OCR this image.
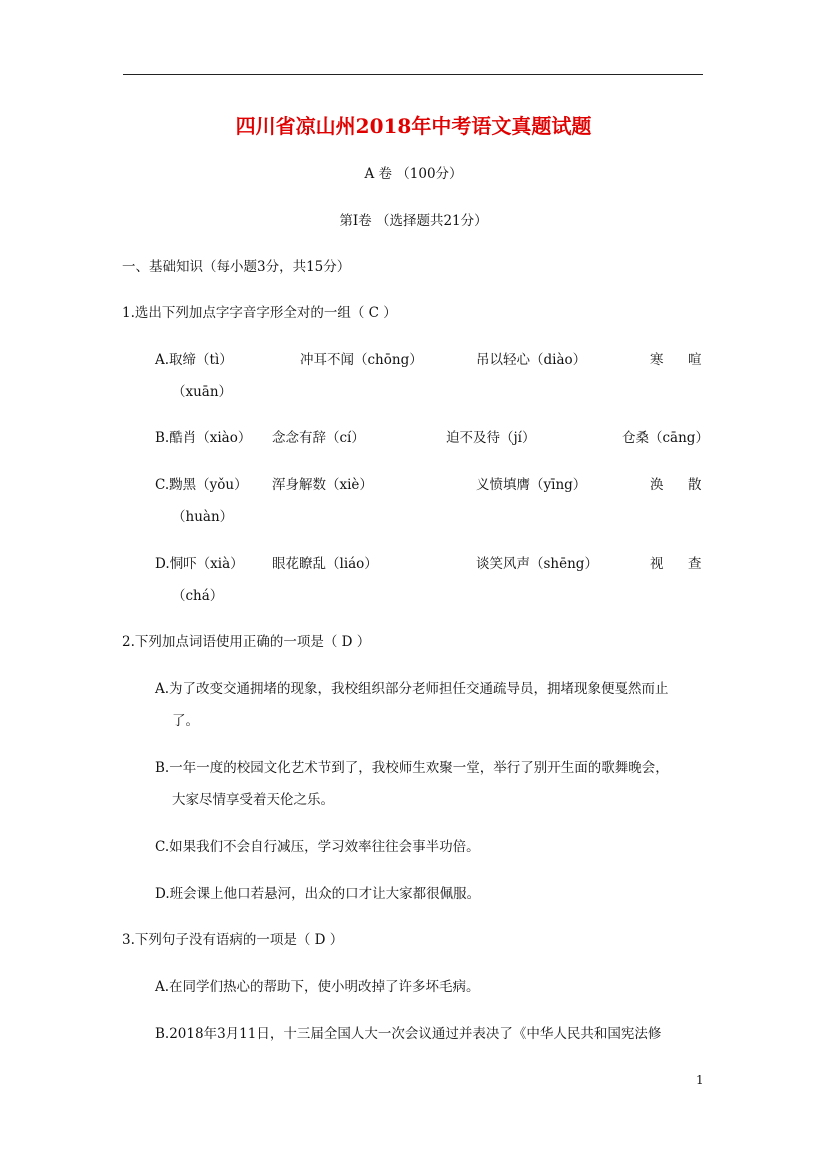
四川省凉山州2018年中考语文真题试题
A 卷 （100分）
第Ⅰ卷 （选择题共21分）
一、基础知识（每小题3分，共15分）
1.选出下列加点字字音字形全对的一组（ C ）
A.取缔（tì）	冲耳不闻（chōng）	吊以轻心（diào）	寒 喧
（xuān）
B.酷肖（xiào） 念念有辞（cí）	迫不及待（jí）	仓桑（cāng）
C.黝黑（yǒu） 浑身解数（xiè）	义愤填膺（yīng）	涣 散
（huàn）
D.恫吓（xià） 眼花瞭乱（liáo）	谈笑风声（shēng）	视 查
（chá）
2.下列加点词语使用正确的一项是（ D ）
A.为了改变交通拥堵的现象，我校组织部分老师担任交通疏导员，拥堵现象便戛然而止
了。
B.一年一度的校园文化艺术节到了，我校师生欢聚一堂，举行了别开生面的歌舞晚会，
大家尽情享受着天伦之乐。
C.如果我们不会自行减压，学习效率往往会事半功倍。
D.班会课上他口若悬河，出众的口才让大家都很佩服。
3.下列句子没有语病的一项是（ D ）
A.在同学们热心的帮助下，使小明改掉了许多坏毛病。
B.2018年3月11日，十三届全国人大一次会议通过并表决了《中华人民共和国宪法修
1
